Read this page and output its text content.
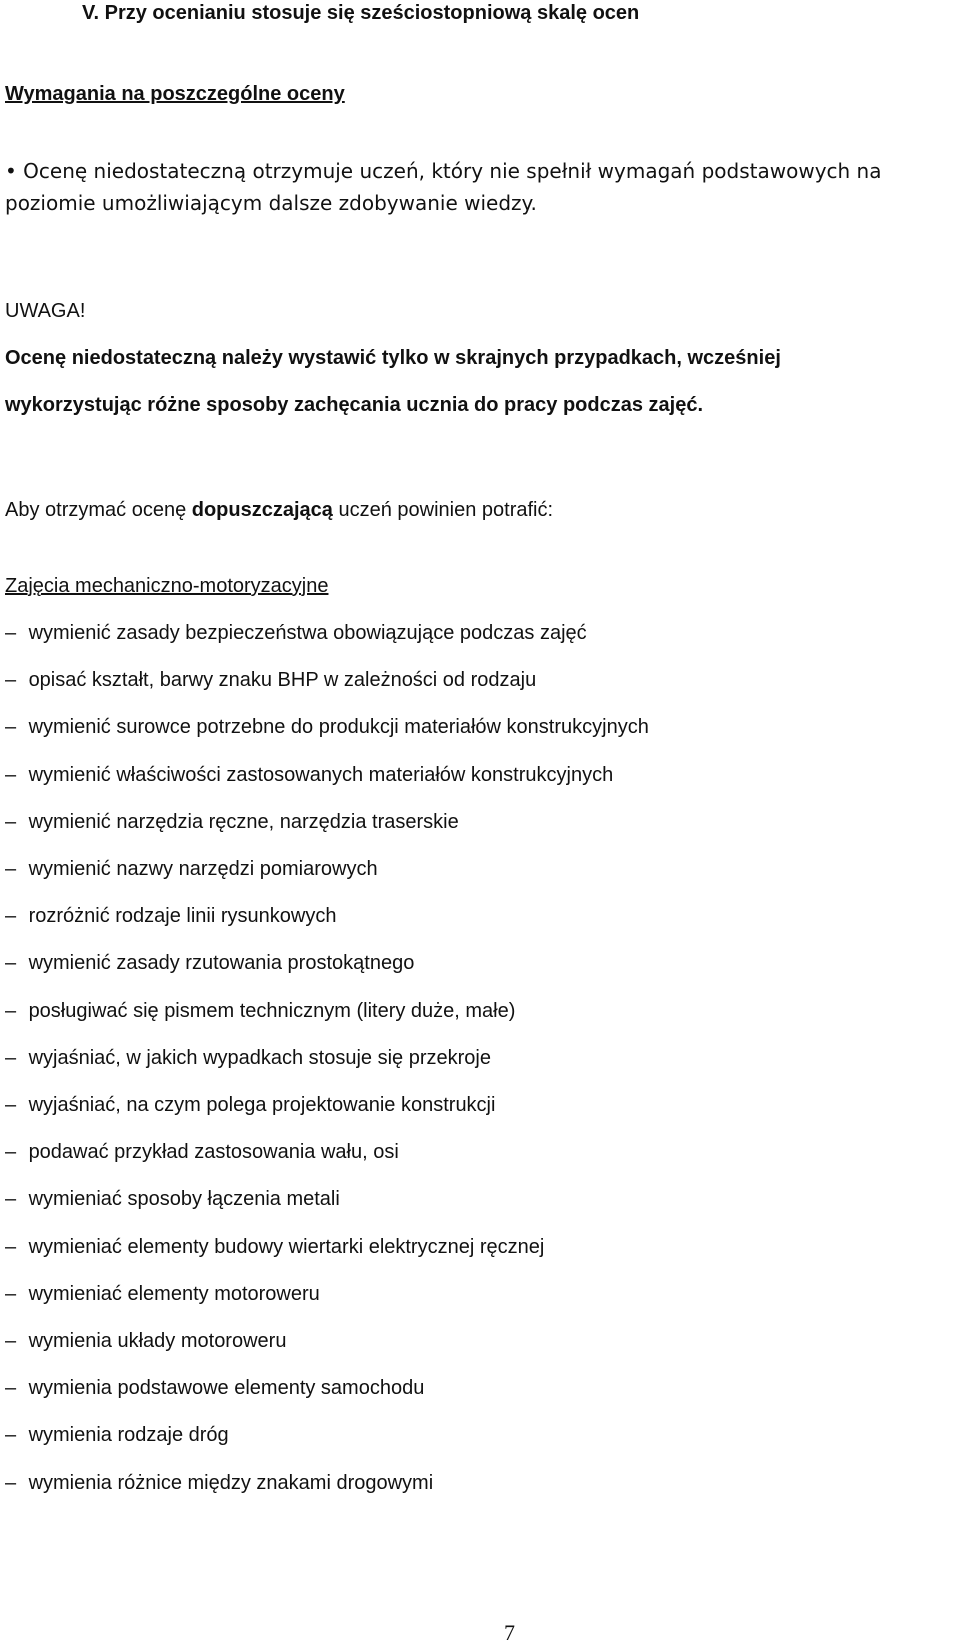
V. Przy ocenianiu stosuje się sześciostopniową skalę ocen
Wymagania na poszczególne oceny
• Ocenę niedostateczną otrzymuje uczeń, który nie spełnił wymagań podstawowych na
poziomie umożliwiającym dalsze zdobywanie wiedzy.
UWAGA!
Ocenę niedostateczną należy wystawić tylko w skrajnych przypadkach, wcześniej
wykorzystując różne sposoby zachęcania ucznia do pracy podczas zajęć.
Aby otrzymać ocenę dopuszczającą uczeń powinien potrafić:
Zajęcia mechaniczno-motoryzacyjne
– wymienić zasady bezpieczeństwa obowiązujące podczas zajęć
– opisać kształt, barwy znaku BHP w zależności od rodzaju
– wymienić surowce potrzebne do produkcji materiałów konstrukcyjnych
– wymienić właściwości zastosowanych materiałów konstrukcyjnych
– wymienić narzędzia ręczne, narzędzia traserskie
– wymienić nazwy narzędzi pomiarowych
– rozróżnić rodzaje linii rysunkowych
– wymienić zasady rzutowania prostokątnego
– posługiwać się pismem technicznym (litery duże, małe)
– wyjaśniać, w jakich wypadkach stosuje się przekroje
– wyjaśniać, na czym polega projektowanie konstrukcji
– podawać przykład zastosowania wału, osi
– wymieniać sposoby łączenia metali
– wymieniać elementy budowy wiertarki elektrycznej ręcznej
– wymieniać elementy motoroweru
– wymienia układy motoroweru
– wymienia podstawowe elementy samochodu
– wymienia rodzaje dróg
– wymienia różnice między znakami drogowymi
7
